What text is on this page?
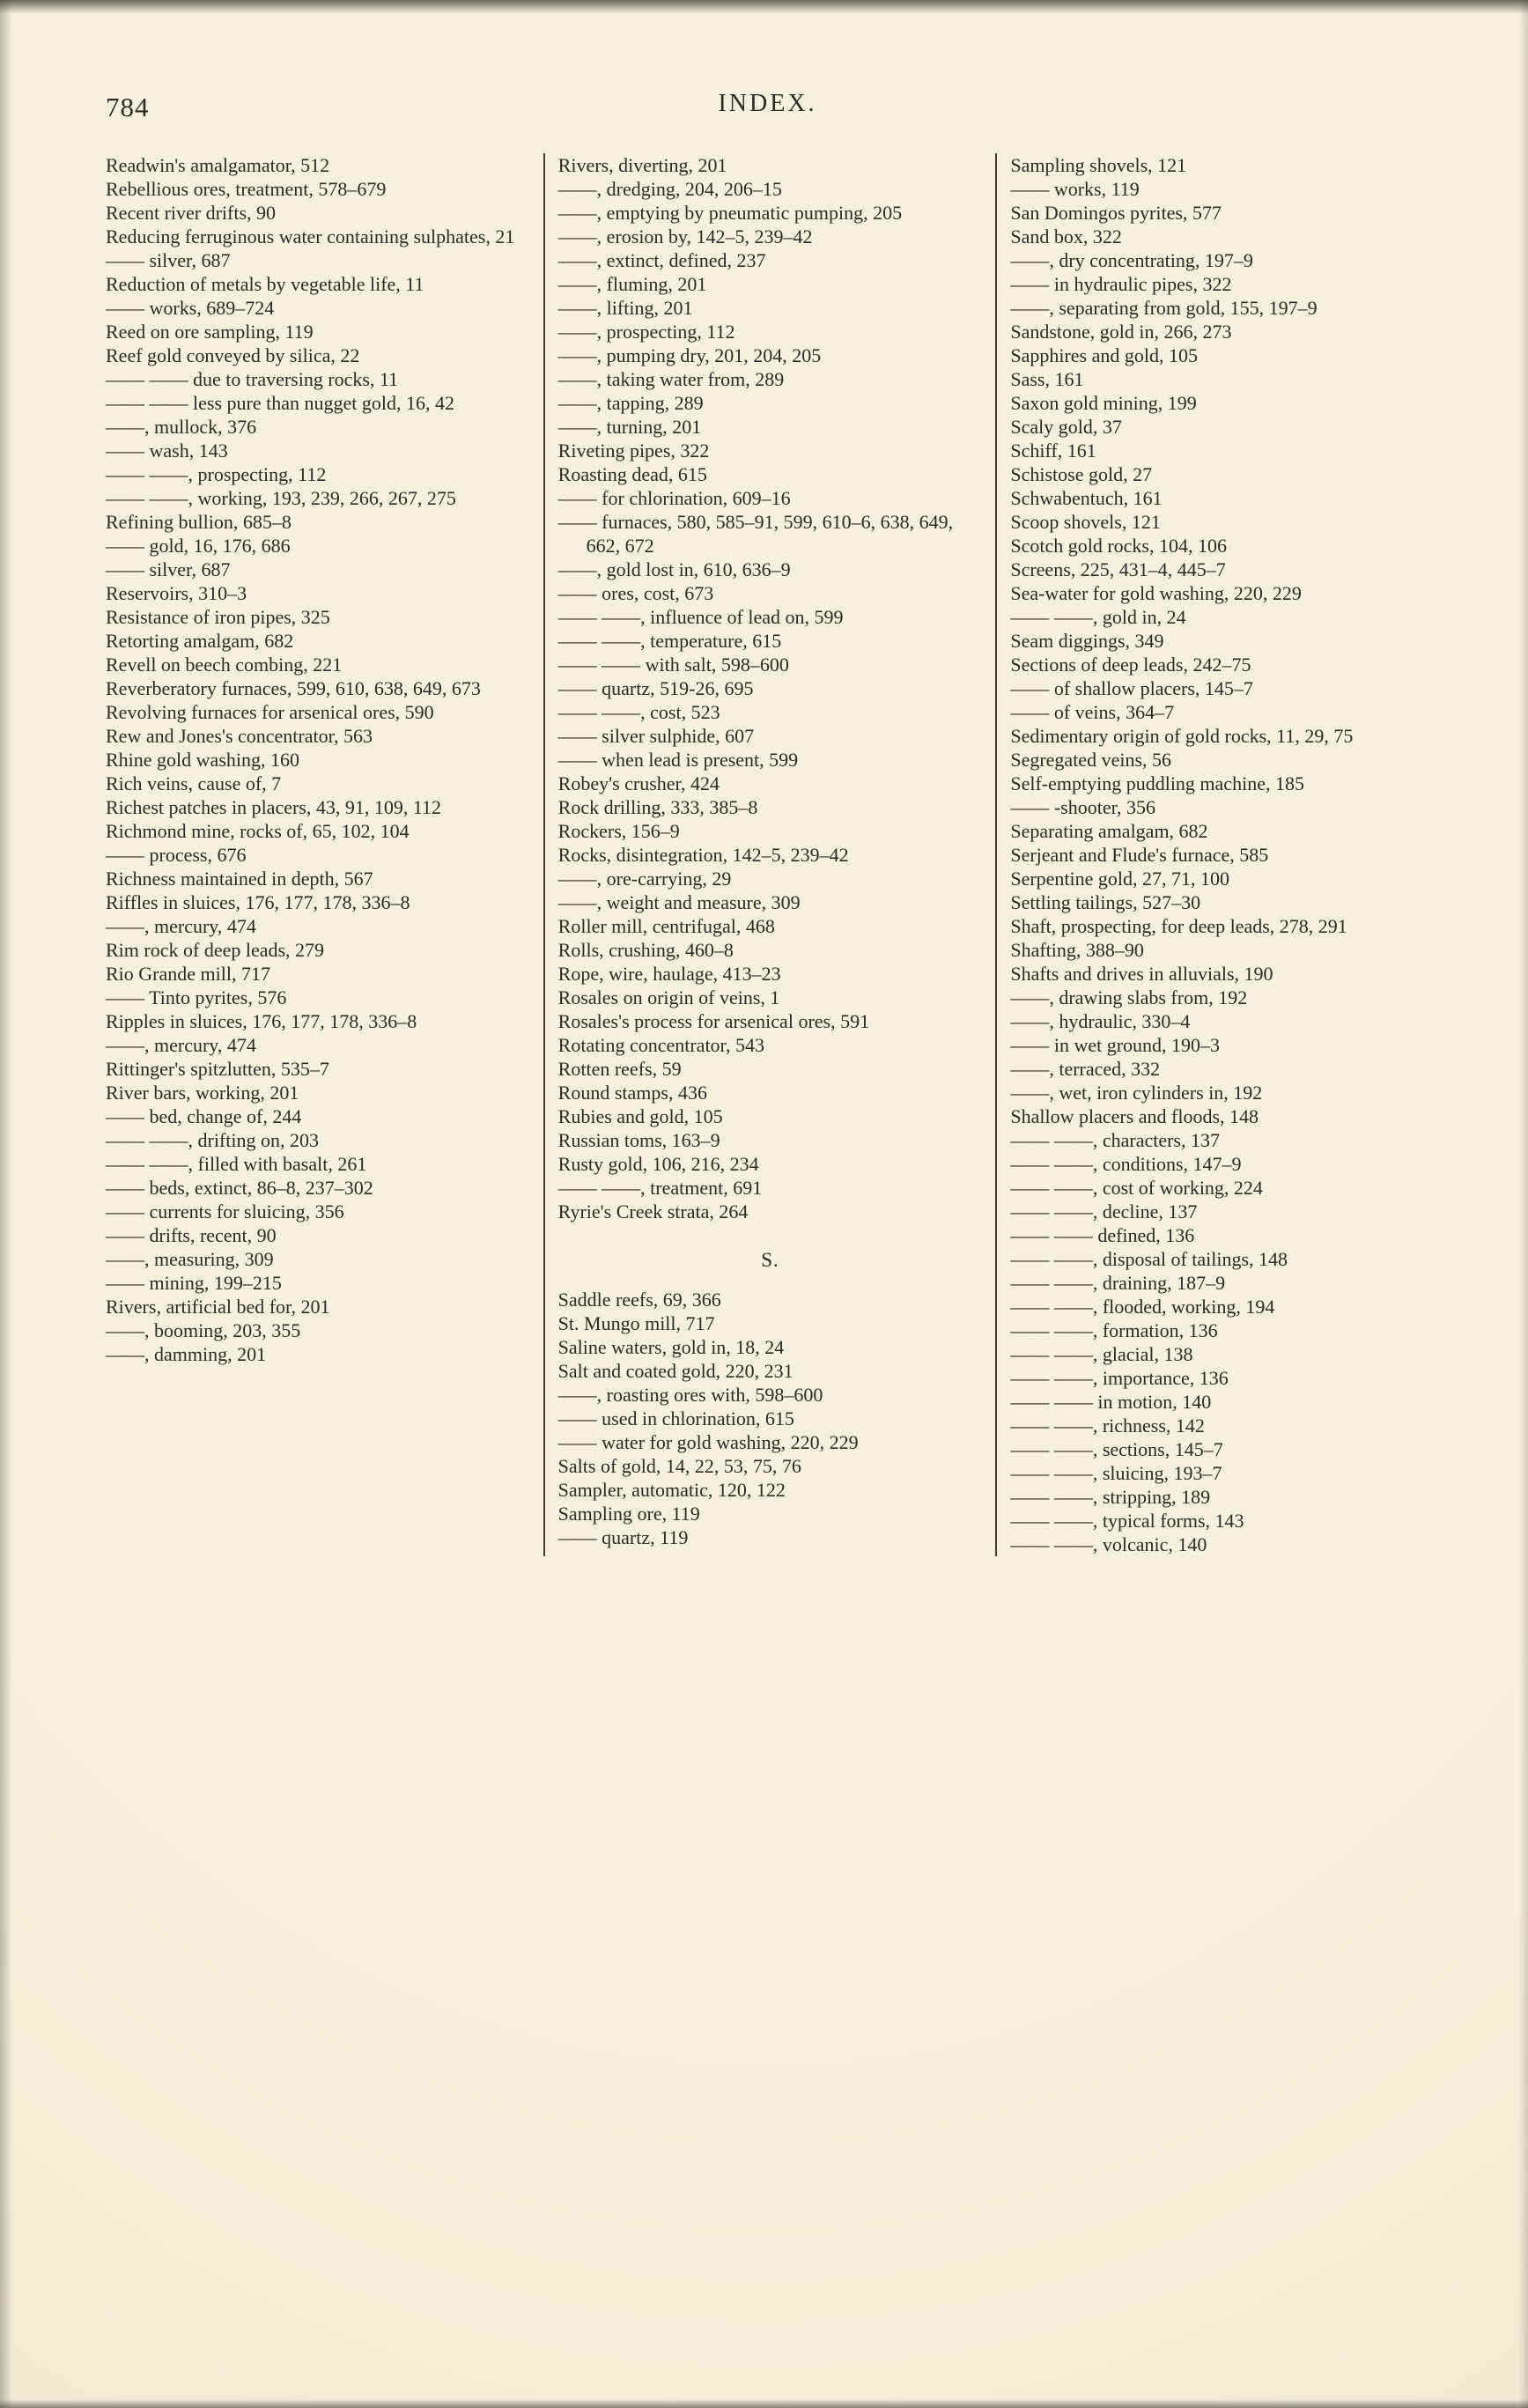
784	INDEX.

Readwin's amalgamator, 512

Rebellious ores, treatment, 578–679

Recent river drifts, 90

Reducing ferruginous water containing sulphates, 21

—— silver, 687

Reduction of metals by vegetable life, 11

—— works, 689–724

Reed on ore sampling, 119

Reef gold conveyed by silica, 22

—— —— due to traversing rocks, 11

—— —— less pure than nugget gold, 16, 42

——, mullock, 376

—— wash, 143

—— ——, prospecting, 112

—— ——, working, 193, 239, 266, 267, 275

Refining bullion, 685–8

—— gold, 16, 176, 686

—— silver, 687

Reservoirs, 310–3

Resistance of iron pipes, 325

Retorting amalgam, 682

Revell on beech combing, 221

Reverberatory furnaces, 599, 610, 638, 649, 673

Revolving furnaces for arsenical ores, 590

Rew and Jones's concentrator, 563

Rhine gold washing, 160

Rich veins, cause of, 7

Richest patches in placers, 43, 91, 109, 112

Richmond mine, rocks of, 65, 102, 104

—— process, 676

Richness maintained in depth, 567

Riffles in sluices, 176, 177, 178, 336–8

——, mercury, 474

Rim rock of deep leads, 279

Rio Grande mill, 717

—— Tinto pyrites, 576

Ripples in sluices, 176, 177, 178, 336–8

——, mercury, 474

Rittinger's spitzlutten, 535–7

River bars, working, 201

—— bed, change of, 244

—— ——, drifting on, 203

—— ——, filled with basalt, 261

—— beds, extinct, 86–8, 237–302

—— currents for sluicing, 356

—— drifts, recent, 90

——, measuring, 309

—— mining, 199–215

Rivers, artificial bed for, 201

——, booming, 203, 355

——, damming, 201

Rivers, diverting, 201

——, dredging, 204, 206–15

——, emptying by pneumatic pumping, 205

——, erosion by, 142–5, 239–42

——, extinct, defined, 237

——, fluming, 201

——, lifting, 201

——, prospecting, 112

——, pumping dry, 201, 204, 205

——, taking water from, 289

——, tapping, 289

——, turning, 201

Riveting pipes, 322

Roasting dead, 615

—— for chlorination, 609–16

—— furnaces, 580, 585–91, 599, 610–6, 638, 649, 662, 672

——, gold lost in, 610, 636–9

—— ores, cost, 673

—— ——, influence of lead on, 599

—— ——, temperature, 615

—— —— with salt, 598–600

—— quartz, 519-26, 695

—— ——, cost, 523

—— silver sulphide, 607

—— when lead is present, 599

Robey's crusher, 424

Rock drilling, 333, 385–8

Rockers, 156–9

Rocks, disintegration, 142–5, 239–42

——, ore-carrying, 29

——, weight and measure, 309

Roller mill, centrifugal, 468

Rolls, crushing, 460–8

Rope, wire, haulage, 413–23

Rosales on origin of veins, 1

Rosales's process for arsenical ores, 591

Rotating concentrator, 543

Rotten reefs, 59

Round stamps, 436

Rubies and gold, 105

Russian toms, 163–9

Rusty gold, 106, 216, 234

—— ——, treatment, 691

Ryrie's Creek strata, 264

S.

Saddle reefs, 69, 366

St. Mungo mill, 717

Saline waters, gold in, 18, 24

Salt and coated gold, 220, 231

——, roasting ores with, 598–600

—— used in chlorination, 615

—— water for gold washing, 220, 229

Salts of gold, 14, 22, 53, 75, 76

Sampler, automatic, 120, 122

Sampling ore, 119

—— quartz, 119

Sampling shovels, 121

—— works, 119

San Domingos pyrites, 577

Sand box, 322

——, dry concentrating, 197–9

—— in hydraulic pipes, 322

——, separating from gold, 155, 197–9

Sandstone, gold in, 266, 273

Sapphires and gold, 105

Sass, 161

Saxon gold mining, 199

Scaly gold, 37

Schiff, 161

Schistose gold, 27

Schwabentuch, 161

Scoop shovels, 121

Scotch gold rocks, 104, 106

Screens, 225, 431–4, 445–7

Sea-water for gold washing, 220, 229

—— ——, gold in, 24

Seam diggings, 349

Sections of deep leads, 242–75

—— of shallow placers, 145–7

—— of veins, 364–7

Sedimentary origin of gold rocks, 11, 29, 75

Segregated veins, 56

Self-emptying puddling machine, 185

—— -shooter, 356

Separating amalgam, 682

Serjeant and Flude's furnace, 585

Serpentine gold, 27, 71, 100

Settling tailings, 527–30

Shaft, prospecting, for deep leads, 278, 291

Shafting, 388–90

Shafts and drives in alluvials, 190

——, drawing slabs from, 192

——, hydraulic, 330–4

—— in wet ground, 190–3

——, terraced, 332

——, wet, iron cylinders in, 192

Shallow placers and floods, 148

—— ——, characters, 137

—— ——, conditions, 147–9

—— ——, cost of working, 224

—— ——, decline, 137

—— —— defined, 136

—— ——, disposal of tailings, 148

—— ——, draining, 187–9

—— ——, flooded, working, 194

—— ——, formation, 136

—— ——, glacial, 138

—— ——, importance, 136

—— —— in motion, 140

—— ——, richness, 142

—— ——, sections, 145–7

—— ——, sluicing, 193–7

—— ——, stripping, 189

—— ——, typical forms, 143

—— ——, volcanic, 140
